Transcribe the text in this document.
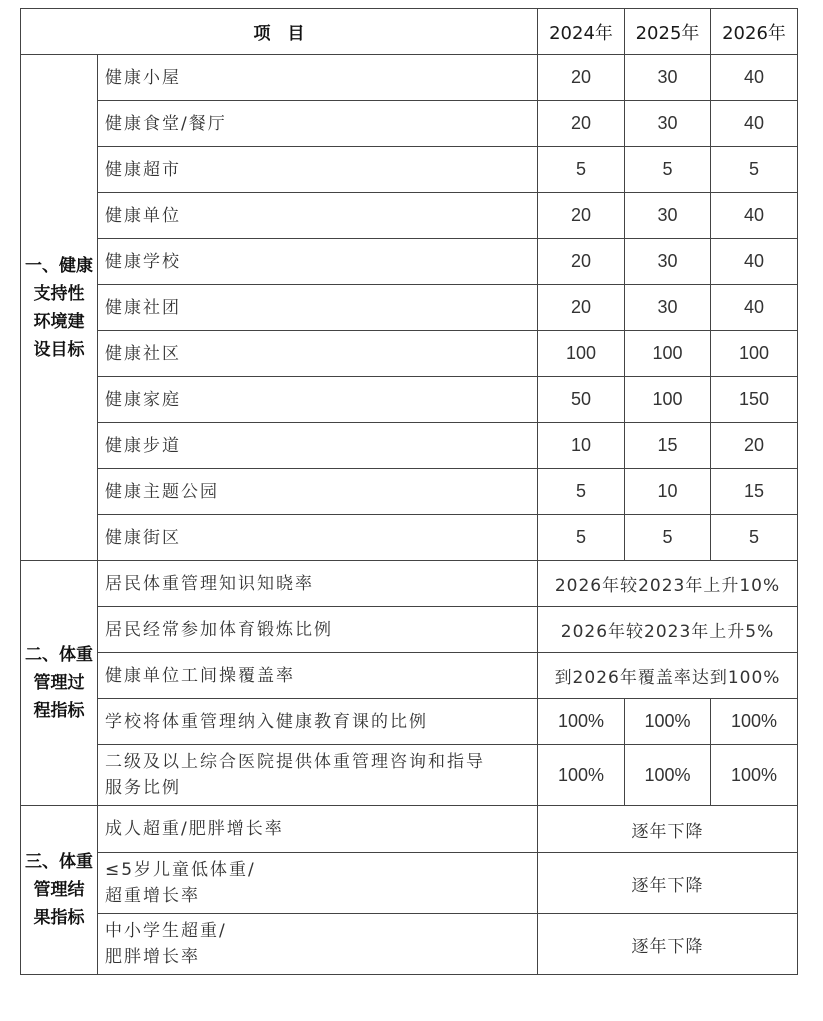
项　目		2024年	2025年	2026年

一、健康
支持性
环境建
设目标	健康小屋	20	30	40
	健康食堂/餐厅	20	30	40
	健康超市	5	5	5
	健康单位	20	30	40
	健康学校	20	30	40
	健康社团	20	30	40
	健康社区	100	100	100
	健康家庭	50	100	150
	健康步道	10	15	20
	健康主题公园	5	10	15
	健康街区	5	5	5

二、体重
管理过
程指标	居民体重管理知识知晓率	2026年较2023年上升10%		

	居民经常参加体育锻炼比例	2026年较2023年上升5%		

	健康单位工间操覆盖率	到2026年覆盖率达到100%		

	学校将体重管理纳入健康教育课的比例	100%	100%	100%

	二级及以上综合医院提供体重管理咨询和指导
服务比例	100%	100%	100%

三、体重
管理结
果指标	成人超重/肥胖增长率	逐年下降		

	≤5岁儿童低体重/
超重增长率	逐年下降		

	中小学生超重/
肥胖增长率	逐年下降		
